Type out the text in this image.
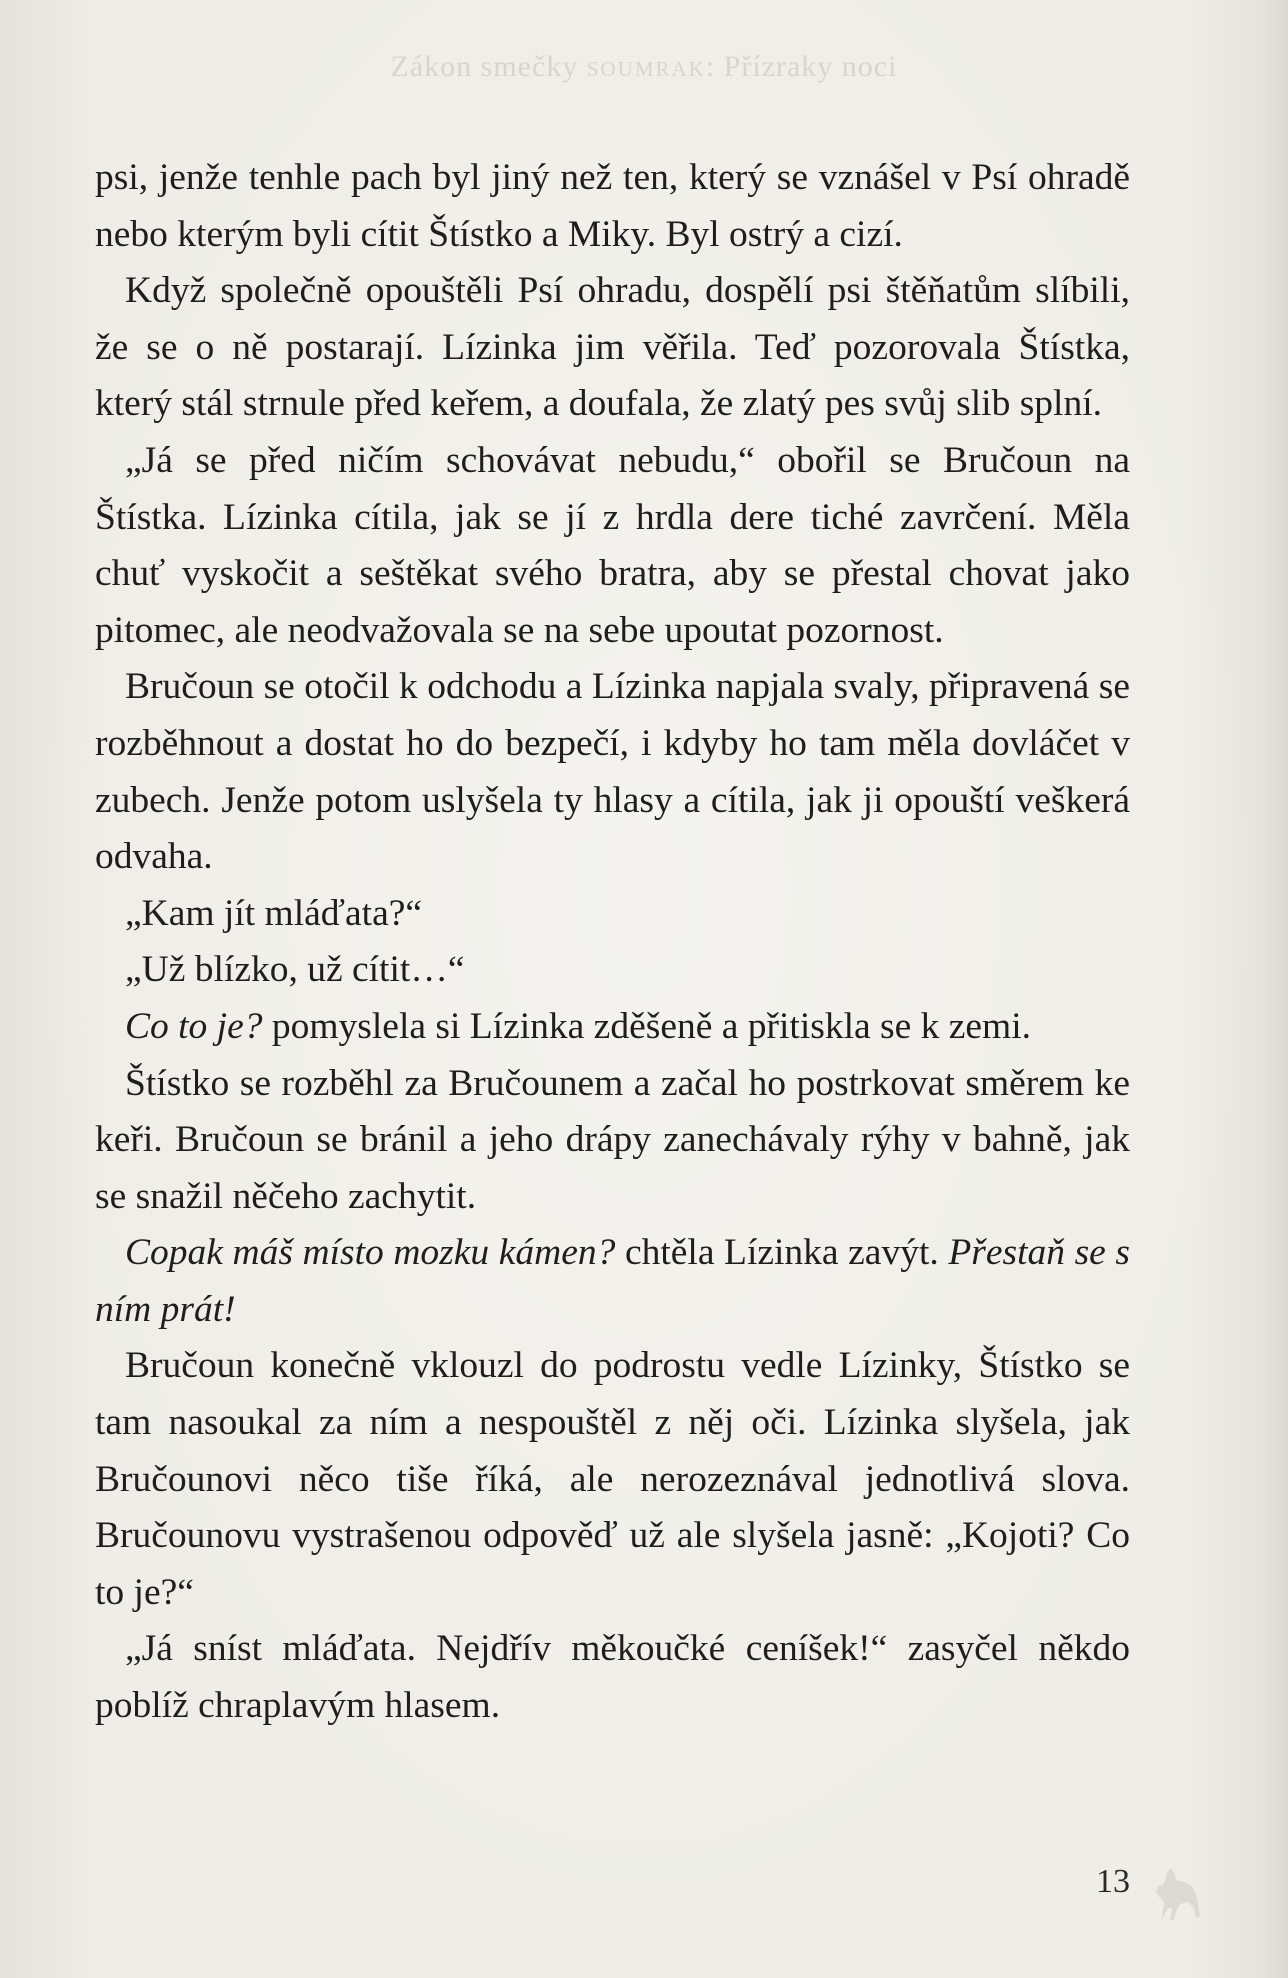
Zákon smečky soumrak: Přízraky noci

psi, jenže tenhle pach byl jiný než ten, který se vznášel v Psí ohradě nebo kterým byli cítit Štístko a Miky. Byl ostrý a cizí.

Když společně opouštěli Psí ohradu, dospělí psi štěňatům slíbili, že se o ně postarají. Lízinka jim věřila. Teď pozorovala Štístka, který stál strnule před keřem, a doufala, že zlatý pes svůj slib splní.

„Já se před ničím schovávat nebudu,“ obořil se Bručoun na Štístka. Lízinka cítila, jak se jí z hrdla dere tiché zavrčení. Měla chuť vyskočit a seštěkat svého bratra, aby se přestal chovat jako pitomec, ale neodvažovala se na sebe upoutat pozornost.

Bručoun se otočil k odchodu a Lízinka napjala svaly, připravená se rozběhnout a dostat ho do bezpečí, i kdyby ho tam měla dovláčet v zubech. Jenže potom uslyšela ty hlasy a cítila, jak ji opouští veškerá odvaha.

„Kam jít mláďata?“

„Už blízko, už cítit…“

Co to je? pomyslela si Lízinka zděšeně a přitiskla se k zemi.

Štístko se rozběhl za Bručounem a začal ho postrkovat směrem ke keři. Bručoun se bránil a jeho drápy zanechávaly rýhy v bahně, jak se snažil něčeho zachytit.

Copak máš místo mozku kámen? chtěla Lízinka zavýt. Přestaň se s ním prát!

Bručoun konečně vklouzl do podrostu vedle Lízinky, Štístko se tam nasoukal za ním a nespouštěl z něj oči. Lízinka slyšela, jak Bručounovi něco tiše říká, ale nerozeznával jednotlivá slova. Bručounovu vystrašenou odpověď už ale slyšela jasně: „Kojoti? Co to je?“

„Já sníst mláďata. Nejdřív měkoučké ceníšek!“ zasyčel někdo poblíž chraplavým hlasem.

13
